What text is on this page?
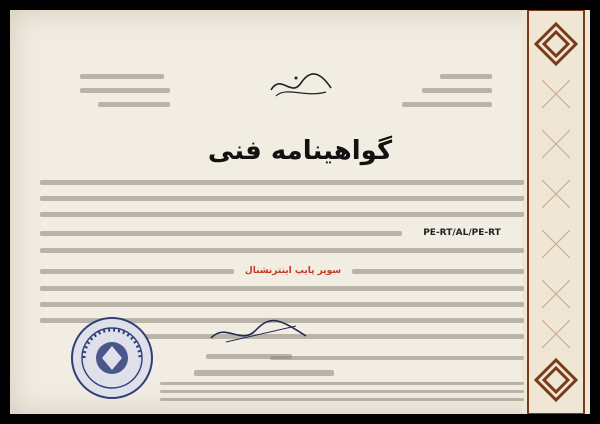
گواهینامه فنی
PE-RT/AL/PE-RT
سوپر پایپ اینترنشنال
